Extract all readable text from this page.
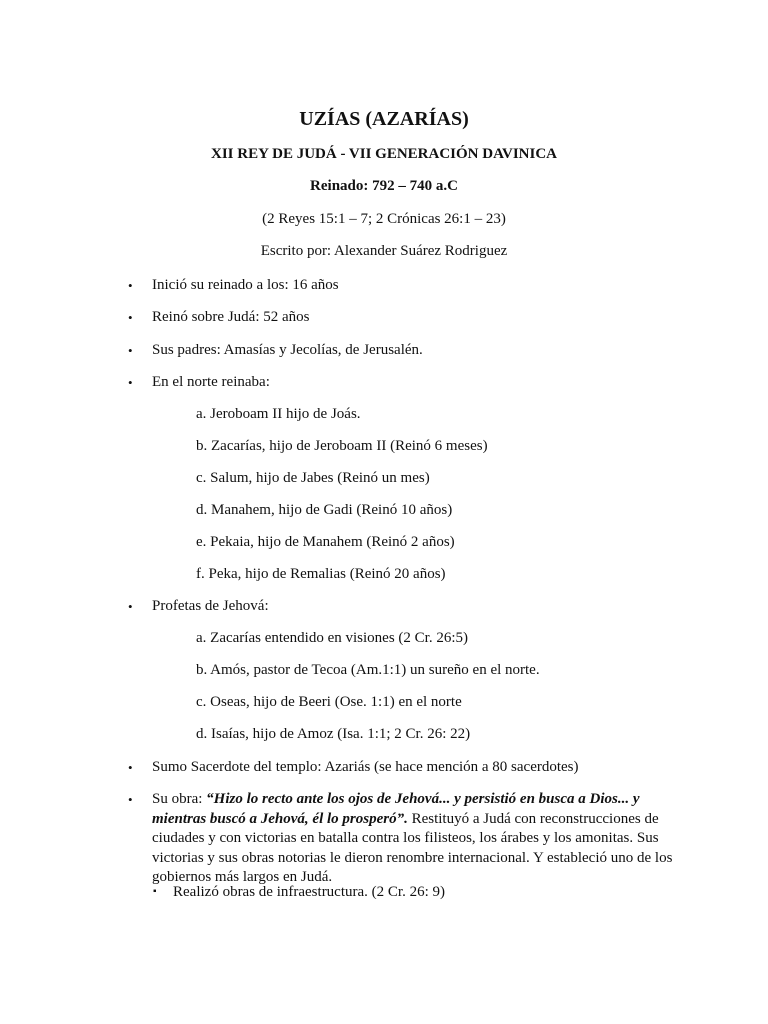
UZÍAS (AZARÍAS)
XII REY DE JUDÁ - VII GENERACIÓN DAVINICA
Reinado: 792 – 740 a.C
(2 Reyes 15:1 – 7; 2 Crónicas 26:1 – 23)
Escrito por: Alexander Suárez Rodriguez
• Inició su reinado a los: 16 años
• Reinó sobre Judá: 52 años
• Sus padres: Amasías y Jecolías, de Jerusalén.
• En el norte reinaba:
a. Jeroboam II hijo de Joás.
b. Zacarías, hijo de Jeroboam II (Reinó 6 meses)
c. Salum, hijo de Jabes (Reinó un mes)
d. Manahem, hijo de Gadi (Reinó 10 años)
e. Pekaia, hijo de Manahem (Reinó 2 años)
f. Peka, hijo de Remalias (Reinó 20 años)
• Profetas de Jehová:
a. Zacarías entendido en visiones (2 Cr. 26:5)
b. Amós, pastor de Tecoa (Am.1:1) un sureño en el norte.
c. Oseas, hijo de Beeri (Ose. 1:1) en el norte
d. Isaías, hijo de Amoz (Isa. 1:1; 2 Cr. 26: 22)
• Sumo Sacerdote del templo: Azariás (se hace mención a 80 sacerdotes)
• Su obra: “Hizo lo recto ante los ojos de Jehová... y persistió en busca a Dios... y mientras buscó a Jehová, él lo prosperó”. Restituyó a Judá con reconstrucciones de ciudades y con victorias en batalla contra los filisteos, los árabes y los amonitas. Sus victorias y sus obras notorias le dieron renombre internacional. Y estableció uno de los gobiernos más largos en Judá.
▪ Realizó obras de infraestructura. (2 Cr. 26: 9)
